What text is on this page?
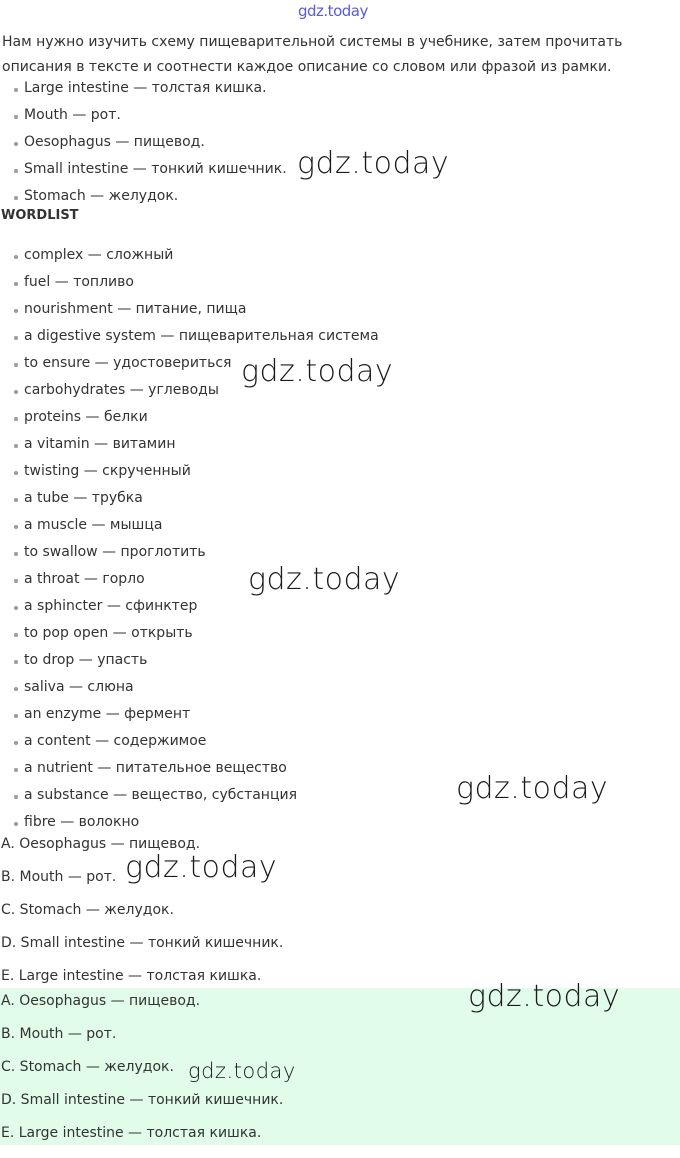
gdz.today
Нам нужно изучить схему пищеварительной системы в учебнике, затем прочитать описания в тексте и соотнести каждое описание со словом или фразой из рамки.
Large intestine — толстая кишка.
Mouth — рот.
Oesophagus — пищевод.
Small intestine — тонкий кишечник.
Stomach — желудок.
WORDLIST
complex — сложный
fuel — топливо
nourishment — питание, пища
a digestive system — пищеварительная система
to ensure — удостовериться
carbohydrates — углеводы
proteins — белки
a vitamin — витамин
twisting — скрученный
a tube — трубка
a muscle — мышца
to swallow — проглотить
a throat — горло
a sphincter — сфинктер
to pop open — открыть
to drop — упасть
saliva — слюна
an enzyme — фермент
a content — содержимое
a nutrient — питательное вещество
a substance — вещество, субстанция
fibre — волокно
A. Oesophagus — пищевод.
B. Mouth — рот.
C. Stomach — желудок.
D. Small intestine — тонкий кишечник.
E. Large intestine — толстая кишка.
A. Oesophagus — пищевод.
B. Mouth — рот.
C. Stomach — желудок.
D. Small intestine — тонкий кишечник.
E. Large intestine — толстая кишка.
gdz.today
gdz.today
gdz.today
gdz.today
gdz.today
gdz.today
gdz.today
